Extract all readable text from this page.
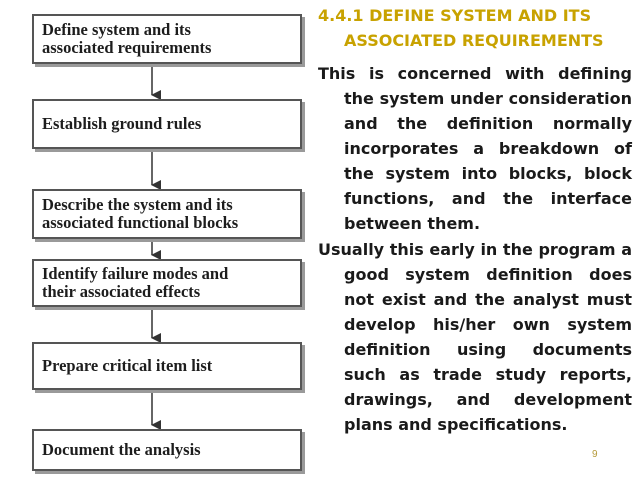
Define system and its
associated requirements
Establish ground rules
Describe the system and its
associated functional blocks
Identify failure modes and
their associated effects
Prepare critical item list
Document the analysis
4.4.1 DEFINE SYSTEM AND ITS ASSOCIATED REQUIREMENTS

This is concerned with defining the system under consideration and the definition normally incorporates a breakdown of the system into blocks, block functions, and the interface between them.

Usually this early in the program a good system definition does not exist and the analyst must develop his/her own system definition using documents such as trade study reports, drawings, and development plans and specifications.

9
